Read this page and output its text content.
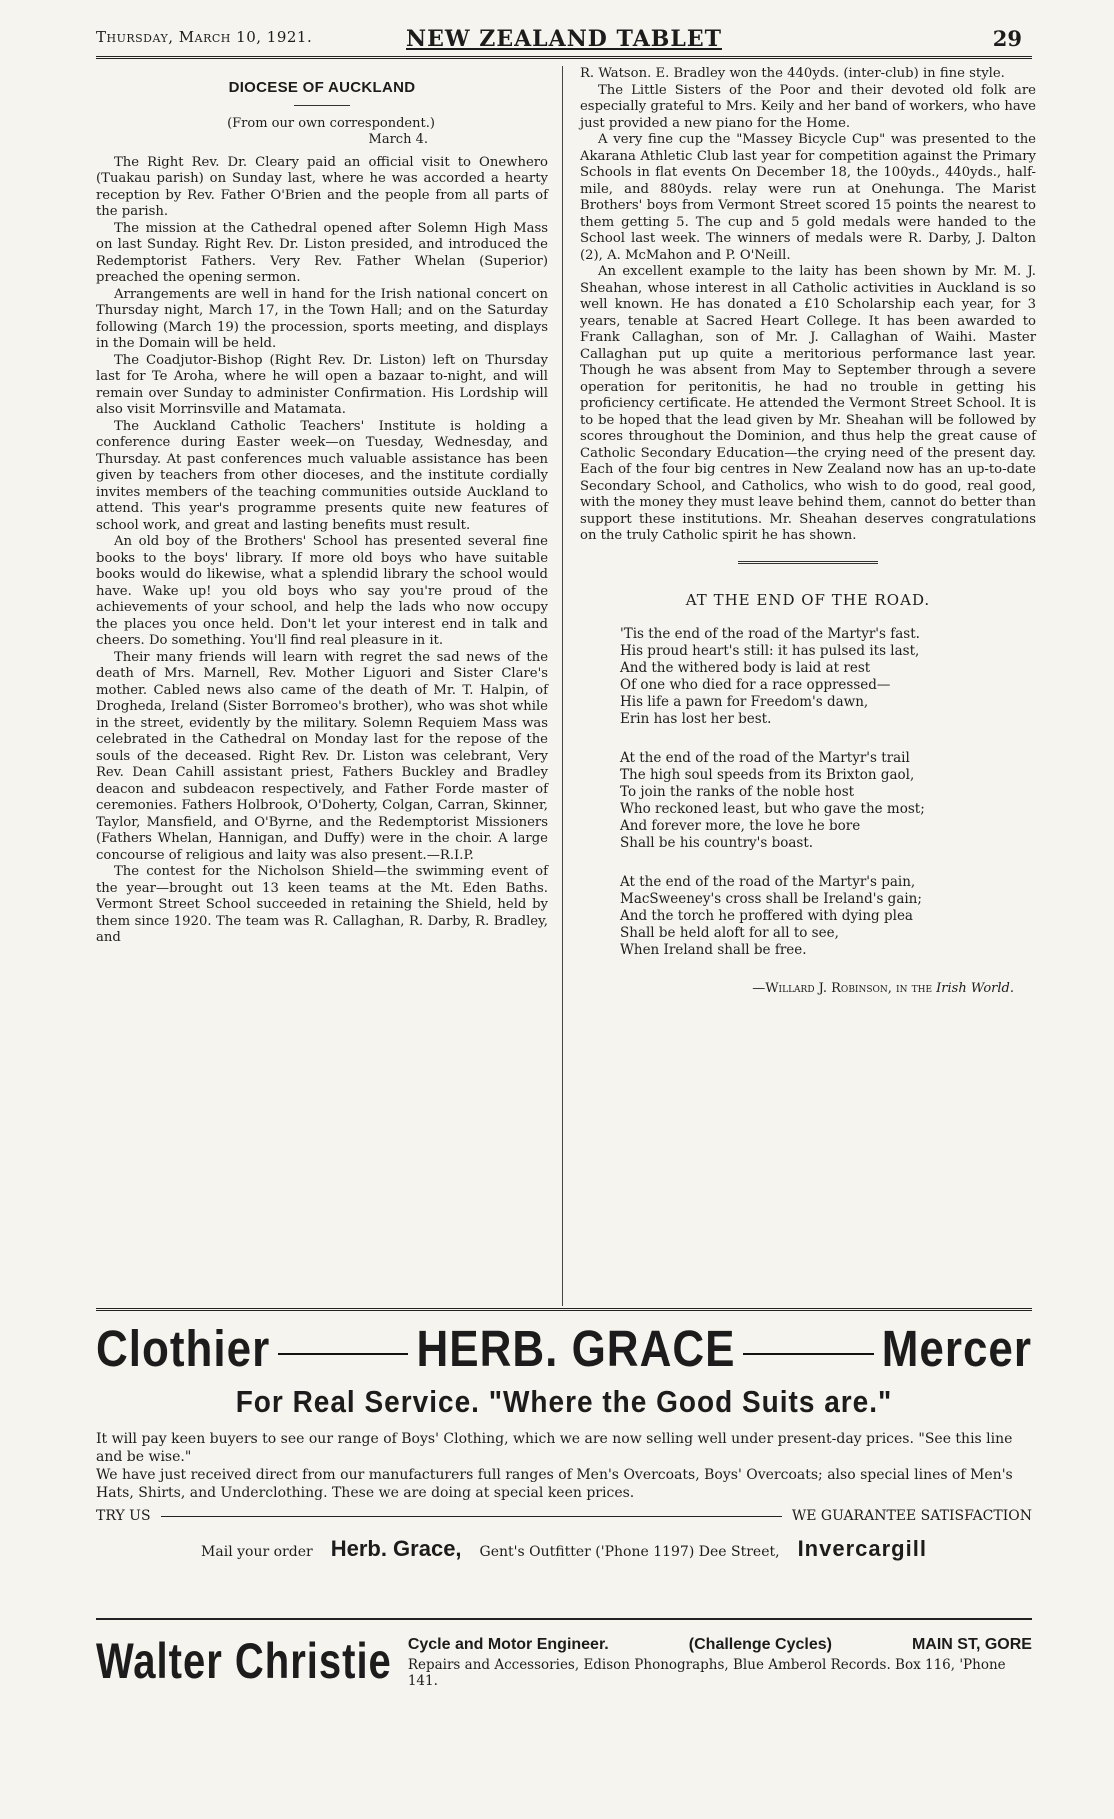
Thursday, March 10, 1921.	NEW ZEALAND TABLET	29
DIOCESE OF AUCKLAND

(From our own correspondent.)

March 4.

The Right Rev. Dr. Cleary paid an official visit to Onewhero (Tuakau parish) on Sunday last, where he was accorded a hearty reception by Rev. Father O'Brien and the people from all parts of the parish.

The mission at the Cathedral opened after Solemn High Mass on last Sunday. Right Rev. Dr. Liston presided, and introduced the Redemptorist Fathers. Very Rev. Father Whelan (Superior) preached the opening sermon.

Arrangements are well in hand for the Irish national concert on Thursday night, March 17, in the Town Hall; and on the Saturday following (March 19) the procession, sports meeting, and displays in the Domain will be held.

The Coadjutor-Bishop (Right Rev. Dr. Liston) left on Thursday last for Te Aroha, where he will open a bazaar to-night, and will remain over Sunday to administer Confirmation. His Lordship will also visit Morrinsville and Matamata.

The Auckland Catholic Teachers' Institute is holding a conference during Easter week—on Tuesday, Wednesday, and Thursday. At past conferences much valuable assistance has been given by teachers from other dioceses, and the institute cordially invites members of the teaching communities outside Auckland to attend. This year's programme presents quite new features of school work, and great and lasting benefits must result.

An old boy of the Brothers' School has presented several fine books to the boys' library. If more old boys who have suitable books would do likewise, what a splendid library the school would have. Wake up! you old boys who say you're proud of the achievements of your school, and help the lads who now occupy the places you once held. Don't let your interest end in talk and cheers. Do something. You'll find real pleasure in it.

Their many friends will learn with regret the sad news of the death of Mrs. Marnell, Rev. Mother Liguori and Sister Clare's mother. Cabled news also came of the death of Mr. T. Halpin, of Drogheda, Ireland (Sister Borromeo's brother), who was shot while in the street, evidently by the military. Solemn Requiem Mass was celebrated in the Cathedral on Monday last for the repose of the souls of the deceased. Right Rev. Dr. Liston was celebrant, Very Rev. Dean Cahill assistant priest, Fathers Buckley and Bradley deacon and subdeacon respectively, and Father Forde master of ceremonies. Fathers Holbrook, O'Doherty, Colgan, Carran, Skinner, Taylor, Mansfield, and O'Byrne, and the Redemptorist Missioners (Fathers Whelan, Hannigan, and Duffy) were in the choir. A large concourse of religious and laity was also present.—R.I.P.

The contest for the Nicholson Shield—the swimming event of the year—brought out 13 keen teams at the Mt. Eden Baths. Vermont Street School succeeded in retaining the Shield, held by them since 1920. The team was R. Callaghan, R. Darby, R. Bradley, and

R. Watson. E. Bradley won the 440yds. (inter-club) in fine style.

The Little Sisters of the Poor and their devoted old folk are especially grateful to Mrs. Keily and her band of workers, who have just provided a new piano for the Home.

A very fine cup the "Massey Bicycle Cup" was presented to the Akarana Athletic Club last year for competition against the Primary Schools in flat events On December 18, the 100yds., 440yds., half-mile, and 880yds. relay were run at Onehunga. The Marist Brothers' boys from Vermont Street scored 15 points the nearest to them getting 5. The cup and 5 gold medals were handed to the School last week. The winners of medals were R. Darby, J. Dalton (2), A. McMahon and P. O'Neill.

An excellent example to the laity has been shown by Mr. M. J. Sheahan, whose interest in all Catholic activities in Auckland is so well known. He has donated a £10 Scholarship each year, for 3 years, tenable at Sacred Heart College. It has been awarded to Frank Callaghan, son of Mr. J. Callaghan of Waihi. Master Callaghan put up quite a meritorious performance last year. Though he was absent from May to September through a severe operation for peritonitis, he had no trouble in getting his proficiency certificate. He attended the Vermont Street School. It is to be hoped that the lead given by Mr. Sheahan will be followed by scores throughout the Dominion, and thus help the great cause of Catholic Secondary Education—the crying need of the present day. Each of the four big centres in New Zealand now has an up-to-date Secondary School, and Catholics, who wish to do good, real good, with the money they must leave behind them, cannot do better than support these institutions. Mr. Sheahan deserves congratulations on the truly Catholic spirit he has shown.

AT THE END OF THE ROAD.
'Tis the end of the road of the Martyr's fast.
His proud heart's still: it has pulsed its last,
And the withered body is laid at rest
Of one who died for a race oppressed—
His life a pawn for Freedom's dawn,
Erin has lost her best.
At the end of the road of the Martyr's trail
The high soul speeds from its Brixton gaol,
To join the ranks of the noble host
Who reckoned least, but who gave the most;
And forever more, the love he bore
Shall be his country's boast.
At the end of the road of the Martyr's pain,
MacSweeney's cross shall be Ireland's gain;
And the torch he proffered with dying plea
Shall be held aloft for all to see,
When Ireland shall be free.
—Willard J. Robinson, in the Irish World.
Clothier	HERB. GRACE	Mercer
For Real Service. "Where the Good Suits are."

It will pay keen buyers to see our range of Boys' Clothing, which we are now selling well under present-day prices. "See this line and be wise."

We have just received direct from our manufacturers full ranges of Men's Overcoats, Boys' Overcoats; also special lines of Men's Hats, Shirts, and Underclothing. These we are doing at special keen prices.

TRY US	WE GUARANTEE SATISFACTION
Mail your order Herb. Grace, Gent's Outfitter ('Phone 1197) Dee Street, Invercargill
Walter Christie Cycle and Motor Engineer.	(Challenge Cycles)	MAIN ST, GORE
Repairs and Accessories, Edison Phonographs, Blue Amberol Records. Box 116, 'Phone 141.
